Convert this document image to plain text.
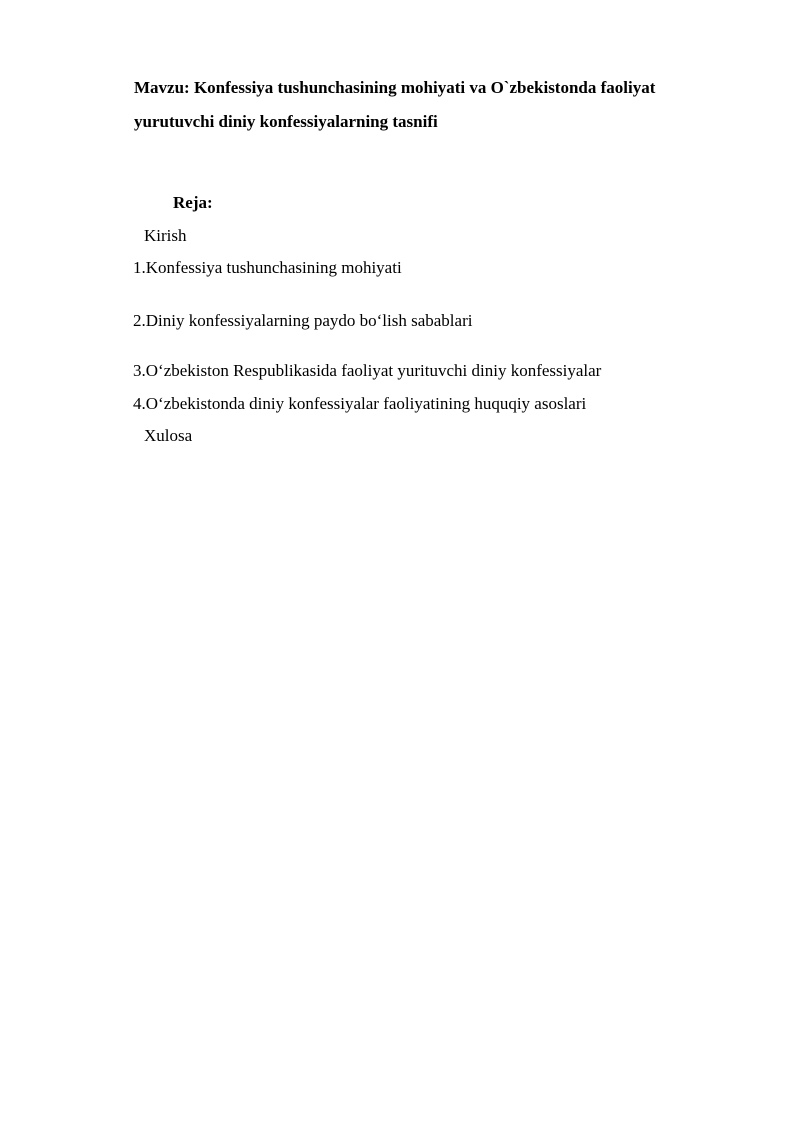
Mavzu: Konfessiya tushunchasining mohiyati va O`zbekistonda faoliyat
yurutuvchi diniy konfessiyalarning tasnifi
Reja:
Kirish
1.Konfessiya tushunchasining mohiyati
2.Diniy konfessiyalarning paydo bo‘lish sabablari
3.O‘zbekiston Respublikasida faoliyat yurituvchi diniy konfessiyalar
4.O‘zbekistonda diniy konfessiyalar faoliyatining huquqiy asoslari
Xulosa
